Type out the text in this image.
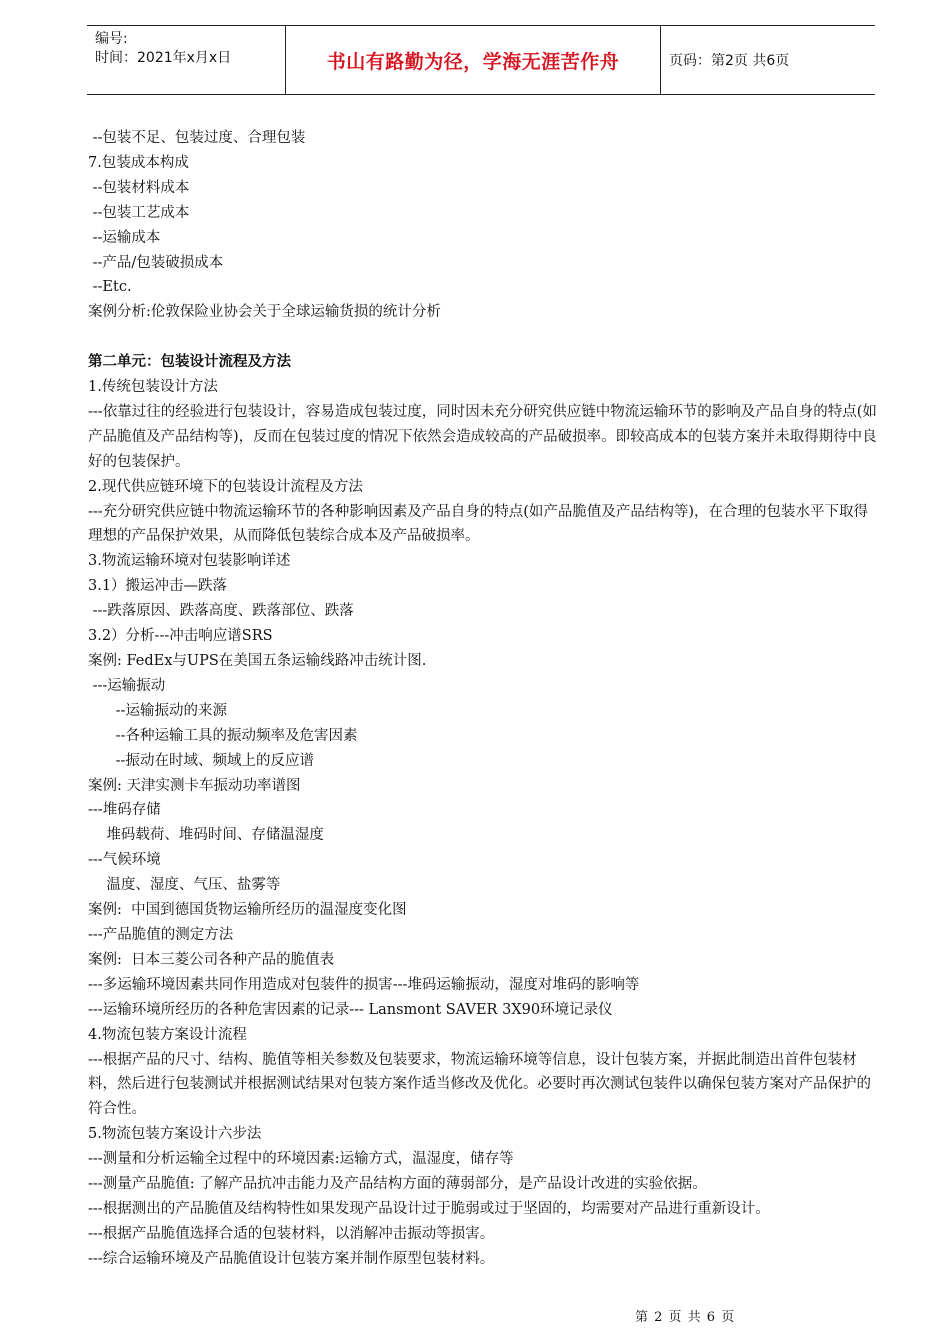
编号:
时间：2021年x月x日	书山有路勤为径，学海无涯苦作舟	页码：第2页 共6页
--包装不足、包装过度、合理包装
7.包装成本构成
--包装材料成本
--包装工艺成本
--运输成本
--产品/包装破损成本
--Etc.
案例分析:伦敦保险业协会关于全球运输货损的统计分析
第二单元：包装设计流程及方法
1.传统包装设计方法
---依靠过往的经验进行包装设计，容易造成包装过度，同时因未充分研究供应链中物流运输环节的影响及产品自身的特点(如产品脆值及产品结构等)，反而在包装过度的情况下依然会造成较高的产品破损率。即较高成本的包装方案并未取得期待中良好的包装保护。
2.现代供应链环境下的包装设计流程及方法
---充分研究供应链中物流运输环节的各种影响因素及产品自身的特点(如产品脆值及产品结构等)，在合理的包装水平下取得理想的产品保护效果，从而降低包装综合成本及产品破损率。
3.物流运输环境对包装影响详述
3.1）搬运冲击—跌落
---跌落原因、跌落高度、跌落部位、跌落
3.2）分析---冲击响应谱SRS
案例: FedEx与UPS在美国五条运输线路冲击统计图.
---运输振动
--运输振动的来源
--各种运输工具的振动频率及危害因素
--振动在时域、频域上的反应谱
案例: 天津实测卡车振动功率谱图
---堆码存储
堆码载荷、堆码时间、存储温湿度
---气候环境
温度、湿度、气压、盐雾等
案例:  中国到德国货物运输所经历的温湿度变化图
---产品脆值的测定方法
案例:  日本三菱公司各种产品的脆值表
---多运输环境因素共同作用造成对包装件的损害---堆码运输振动，湿度对堆码的影响等
---运输环境所经历的各种危害因素的记录--- Lansmont SAVER 3X90环境记录仪
4.物流包装方案设计流程
---根据产品的尺寸、结构、脆值等相关参数及包装要求，物流运输环境等信息，设计包装方案，并据此制造出首件包装材料，然后进行包装测试并根据测试结果对包装方案作适当修改及优化。必要时再次测试包装件以确保包装方案对产品保护的符合性。
5.物流包装方案设计六步法
---测量和分析运输全过程中的环境因素:运输方式，温湿度，储存等
---测量产品脆值: 了解产品抗冲击能力及产品结构方面的薄弱部分，是产品设计改进的实验依据。
---根据测出的产品脆值及结构特性如果发现产品设计过于脆弱或过于坚固的，均需要对产品进行重新设计。
---根据产品脆值选择合适的包装材料，以消解冲击振动等损害。
---综合运输环境及产品脆值设计包装方案并制作原型包装材料。
第 2 页 共 6 页
